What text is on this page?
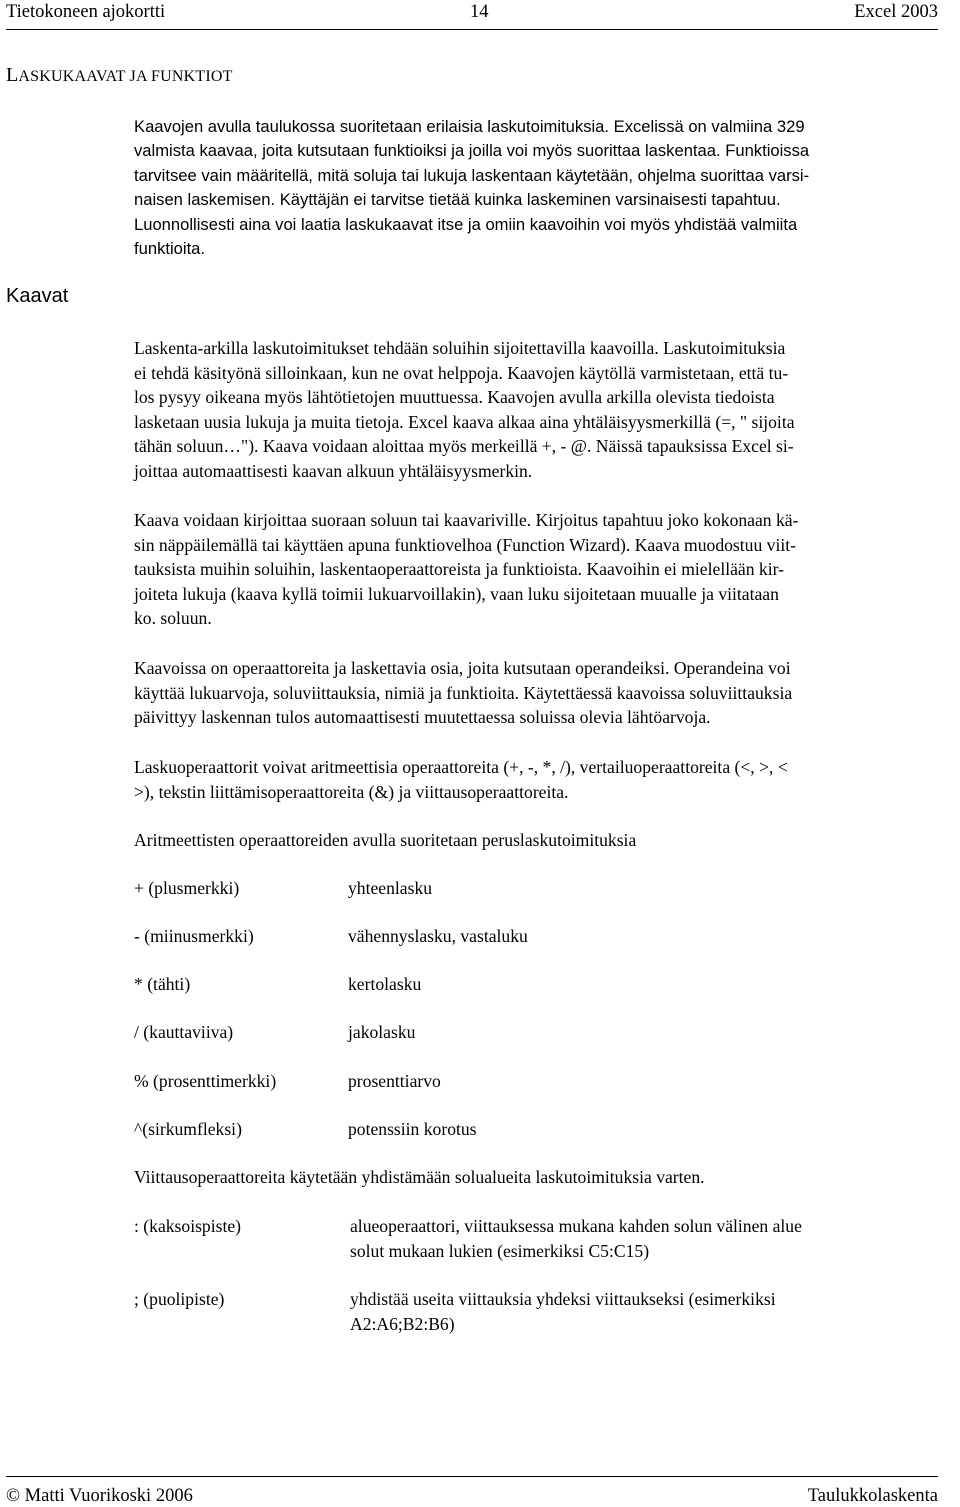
Tietokoneen ajokortti	14	Excel 2003
LASKUKAAVAT JA FUNKTIOT
Kaavat
Kaavojen avulla taulukossa suoritetaan erilaisia laskutoimituksia. Excelissä on valmiina 329
valmista kaavaa, joita kutsutaan funktioiksi ja joilla voi myös suorittaa laskentaa. Funktioissa
tarvitsee vain määritellä, mitä soluja tai lukuja laskentaan käytetään, ohjelma suorittaa varsi-
naisen laskemisen. Käyttäjän ei tarvitse tietää kuinka laskeminen varsinaisesti tapahtuu.
Luonnollisesti aina voi laatia laskukaavat itse ja omiin kaavoihin voi myös yhdistää valmiita
funktioita.
Laskenta-arkilla laskutoimitukset tehdään soluihin sijoitettavilla kaavoilla. Laskutoimituksia
ei tehdä käsityönä silloinkaan, kun ne ovat helppoja. Kaavojen käytöllä varmistetaan, että tu-
los pysyy oikeana myös lähtötietojen muuttuessa. Kaavojen avulla arkilla olevista tiedoista
lasketaan uusia lukuja ja muita tietoja. Excel kaava alkaa aina yhtäläisyysmerkillä (=, " sijoita
tähän soluun…"). Kaava voidaan aloittaa myös merkeillä +, - @. Näissä tapauksissa Excel si-
joittaa automaattisesti kaavan alkuun yhtäläisyysmerkin.
Kaava voidaan kirjoittaa suoraan soluun tai kaavariville. Kirjoitus tapahtuu joko kokonaan kä-
sin näppäilemällä tai käyttäen apuna funktiovelhoa (Function Wizard). Kaava muodostuu viit-
tauksista muihin soluihin, laskentaoperaattoreista ja funktioista. Kaavoihin ei mielellään kir-
joiteta lukuja (kaava kyllä toimii lukuarvoillakin), vaan luku sijoitetaan muualle ja viitataan
ko. soluun.
Kaavoissa on operaattoreita ja laskettavia osia, joita kutsutaan operandeiksi. Operandeina voi
käyttää lukuarvoja, soluviittauksia, nimiä ja funktioita. Käytettäessä kaavoissa soluviittauksia
päivittyy laskennan tulos automaattisesti muutettaessa soluissa olevia lähtöarvoja.
Laskuoperaattorit voivat aritmeettisia operaattoreita (+, -, *, /), vertailuoperaattoreita (<, >, <
>), tekstin liittämisoperaattoreita (&) ja viittausoperaattoreita.
Aritmeettisten operaattoreiden avulla suoritetaan peruslaskutoimituksia
+ (plusmerkki)	yhteenlasku
- (miinusmerkki)	vähennyslasku, vastaluku
* (tähti)	kertolasku
/ (kauttaviiva)	jakolasku
% (prosenttimerkki)	prosenttiarvo
^(sirkumfleksi)	potenssiin korotus
Viittausoperaattoreita käytetään yhdistämään solualueita laskutoimituksia varten.
: (kaksoispiste)	alueoperaattori, viittauksessa mukana kahden solun välinen alue
solut mukaan lukien (esimerkiksi C5:C15)
; (puolipiste)	yhdistää useita viittauksia yhdeksi viittaukseksi (esimerkiksi
A2:A6;B2:B6)
© Matti Vuorikoski 2006	Taulukkolaskenta
